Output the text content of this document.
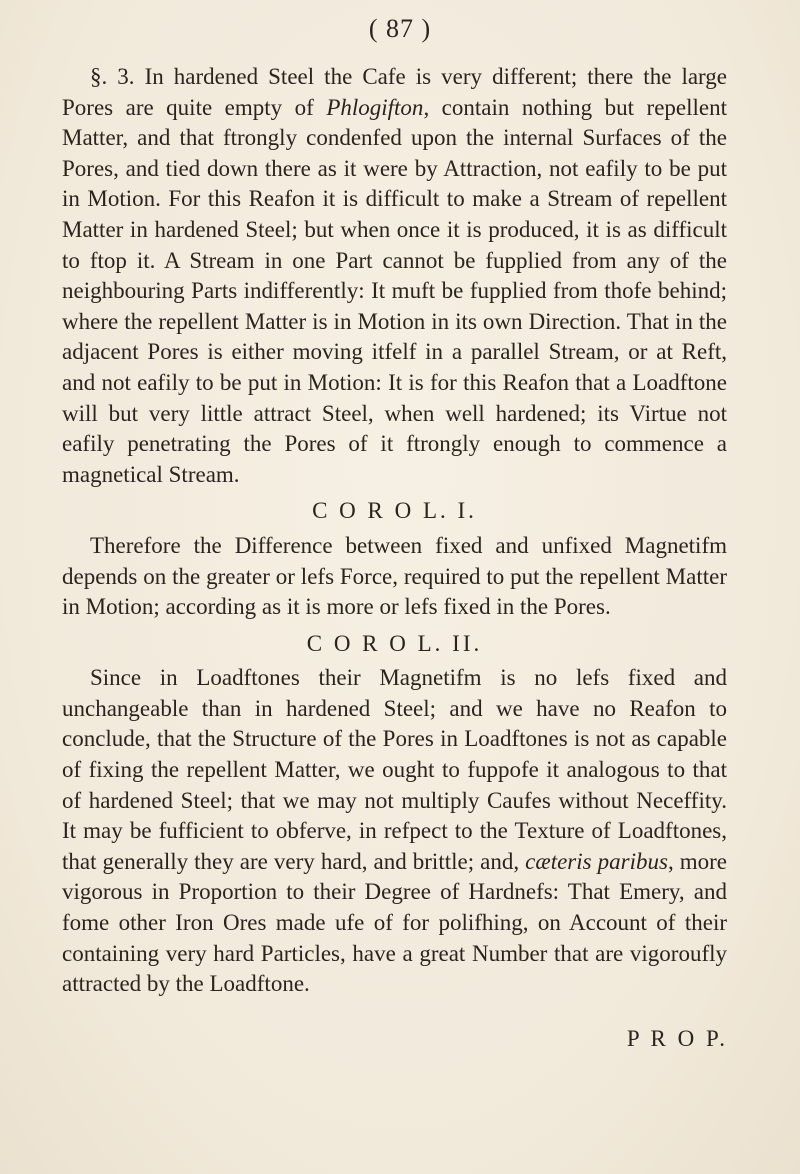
( 87 )

§. 3. In hardened Steel the Cafe is very different; there the large Pores are quite empty of Phlogifton, contain nothing but repellent Matter, and that ftrongly condenfed upon the internal Surfaces of the Pores, and tied down there as it were by Attraction, not eafily to be put in Motion. For this Reafon it is difficult to make a Stream of repellent Matter in hardened Steel; but when once it is produced, it is as difficult to ftop it. A Stream in one Part cannot be fupplied from any of the neighbouring Parts indifferently: It muft be fupplied from thofe behind; where the repellent Matter is in Motion in its own Direction. That in the adjacent Pores is either moving itfelf in a parallel Stream, or at Reft, and not eafily to be put in Motion: It is for this Reafon that a Loadftone will but very little attract Steel, when well hardened; its Virtue not eafily penetrating the Pores of it ftrongly enough to commence a magnetical Stream.

C O R O L. I.

Therefore the Difference between fixed and unfixed Magnetifm depends on the greater or lefs Force, required to put the repellent Matter in Motion; according as it is more or lefs fixed in the Pores.

C O R O L. II.

Since in Loadftones their Magnetifm is no lefs fixed and unchangeable than in hardened Steel; and we have no Reafon to conclude, that the Structure of the Pores in Loadftones is not as capable of fixing the repellent Matter, we ought to fuppofe it analogous to that of hardened Steel; that we may not multiply Caufes without Neceffity. It may be fufficient to obferve, in refpect to the Texture of Loadftones, that generally they are very hard, and brittle; and, cæteris paribus, more vigorous in Proportion to their Degree of Hardnefs: That Emery, and fome other Iron Ores made ufe of for polifhing, on Account of their containing very hard Particles, have a great Number that are vigoroufly attracted by the Loadftone.

P R O P.
